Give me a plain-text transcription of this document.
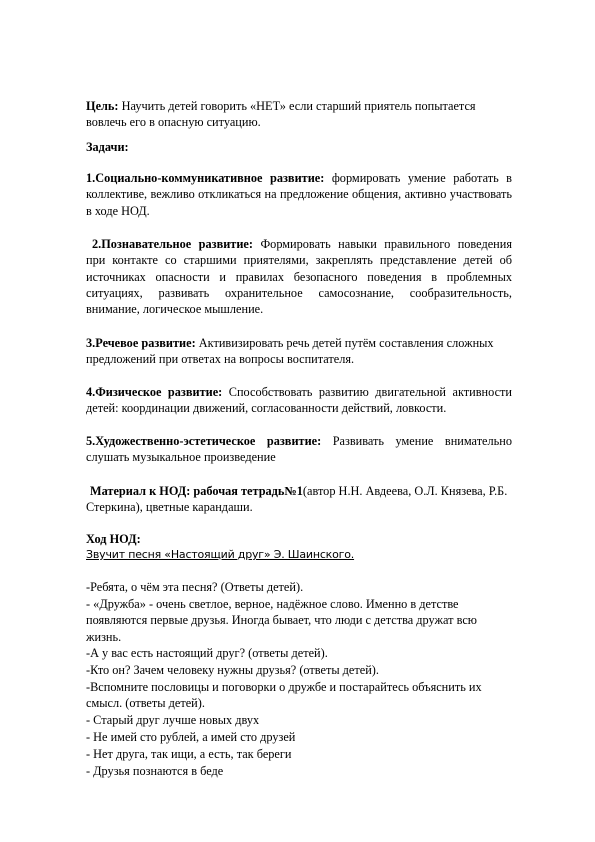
Цель: Научить детей говорить «НЕТ» если старший приятель попытается вовлечь его в опасную ситуацию.

Задачи:

1.Социально-коммуникативное развитие: формировать умение работать в коллективе, вежливо откликаться на предложение общения, активно участвовать в ходе НОД.

2.Познавательное развитие: Формировать навыки правильного поведения при контакте со старшими приятелями, закреплять представление детей об источниках опасности и правилах безопасного поведения в проблемных ситуациях, развивать охранительное самосознание, сообразительность, внимание, логическое мышление.

3.Речевое развитие: Активизировать речь детей путём составления сложных предложений при ответах на вопросы воспитателя.

4.Физическое развитие: Способствовать развитию двигательной активности детей: координации движений, согласованности действий, ловкости.

5.Художественно-эстетическое развитие: Развивать умение внимательно слушать музыкальное произведение

Материал к НОД: рабочая тетрадь№1(автор Н.Н. Авдеева, О.Л. Князева, Р.Б. Стеркина), цветные карандаши.

Ход НОД:

Звучит песня «Настоящий друг» Э. Шаинского.

-Ребята, о чём эта песня? (Ответы детей).

- «Дружба» - очень светлое, верное, надёжное слово. Именно в детстве появляются первые друзья. Иногда бывает, что люди с детства дружат всю жизнь.

-А у вас есть настоящий друг? (ответы детей).

-Кто он? Зачем человеку нужны друзья? (ответы детей).

-Вспомните пословицы и поговорки о дружбе и постарайтесь объяснить их смысл. (ответы детей).

- Старый друг лучше новых двух

- Не имей сто рублей, а имей сто друзей

- Нет друга, так ищи, а есть, так береги

- Друзья познаются в беде
